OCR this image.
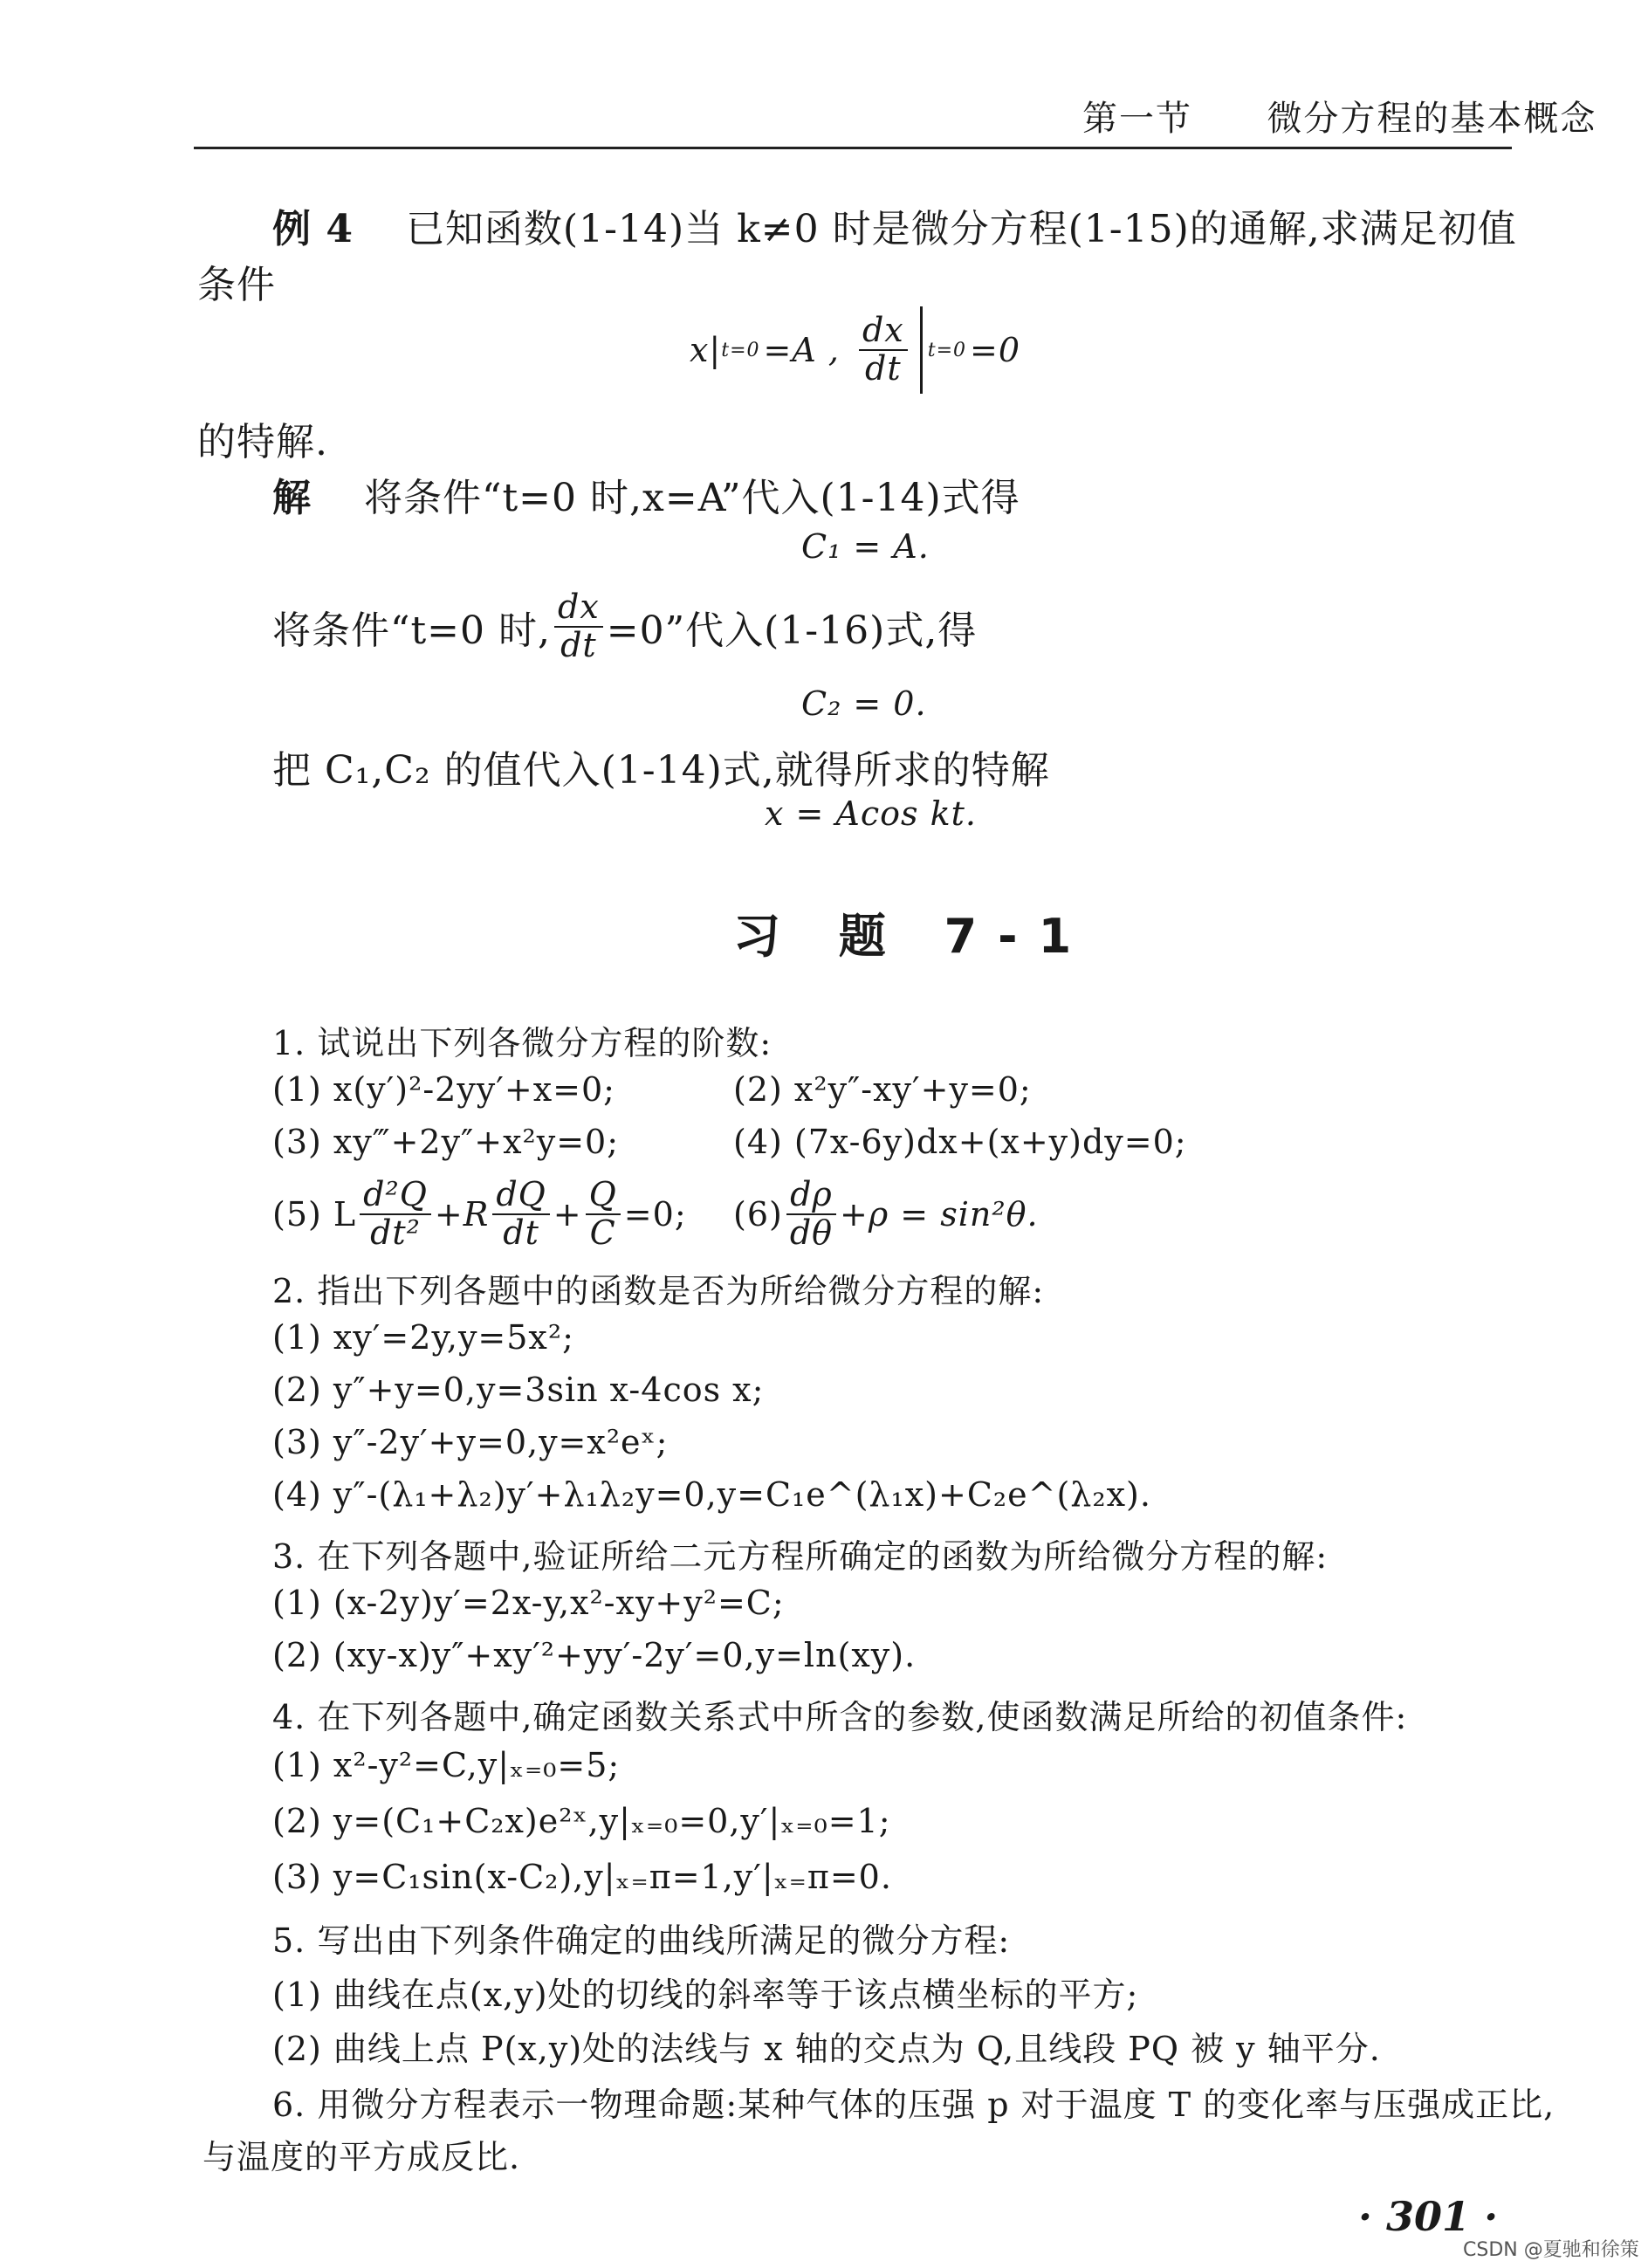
第一节 微分方程的基本概念
例 4 已知函数(1-14)当 k≠0 时是微分方程(1-15)的通解,求满足初值
条件
x| t=0 =A , $\frac{dx}{dt} t=0 =0$
的特解.
解 将条件“t=0 时,x=A”代入(1-14)式得
C₁ = A.
将条件“t=0 时, $\frac{dx}{dt} =0$”代入(1-16)式,得
C₂ = 0.
把 C₁,C₂ 的值代入(1-14)式,就得所求的特解
x = Acos kt.
习 题 7-1
1. 试说出下列各微分方程的阶数:
(1) x(y′)²-2yy′+x=0;	(2) x²y″-xy′+y=0;
(3) xy‴+2y″+x²y=0;	(4) (7x-6y)dx+(x+y)dy=0;
(5) L $\frac{\text{d²Q}}{\text{dt²}} +R \frac{dQ}{dt} + \frac{Q}{C} =0$; $(6) \frac{d\rho}{d\theta} +\rho = \sin^2\theta$.
2. 指出下列各题中的函数是否为所给微分方程的解:
(1) xy′=2y,y=5x²;
(2) y″+y=0,y=3sin x-4cos x;
(3) y″-2y′+y=0,y=x²eˣ;
(4) y″-(λ₁+λ₂)y′+λ₁λ₂y=0,y=C₁e^(λ₁x)+C₂e^(λ₂x).
3. 在下列各题中,验证所给二元方程所确定的函数为所给微分方程的解:
(1) (x-2y)y′=2x-y,x²-xy+y²=C;
(2) (xy-x)y″+xy′²+yy′-2y′=0,y=ln(xy).
4. 在下列各题中,确定函数关系式中所含的参数,使函数满足所给的初值条件:
(1) x²-y²=C,y|ₓ₌₀=5;
(2) y=(C₁+C₂x)e²ˣ,y|ₓ₌₀=0,y′|ₓ₌₀=1;
(3) y=C₁sin(x-C₂),y|ₓ₌π=1,y′|ₓ₌π=0.
5. 写出由下列条件确定的曲线所满足的微分方程:
(1) 曲线在点(x,y)处的切线的斜率等于该点横坐标的平方;
(2) 曲线上点 P(x,y)处的法线与 x 轴的交点为 Q,且线段 PQ 被 y 轴平分.
6. 用微分方程表示一物理命题:某种气体的压强 p 对于温度 T 的变化率与压强成正比,
与温度的平方成反比.
· 301 ·
CSDN @夏驰和徐策
